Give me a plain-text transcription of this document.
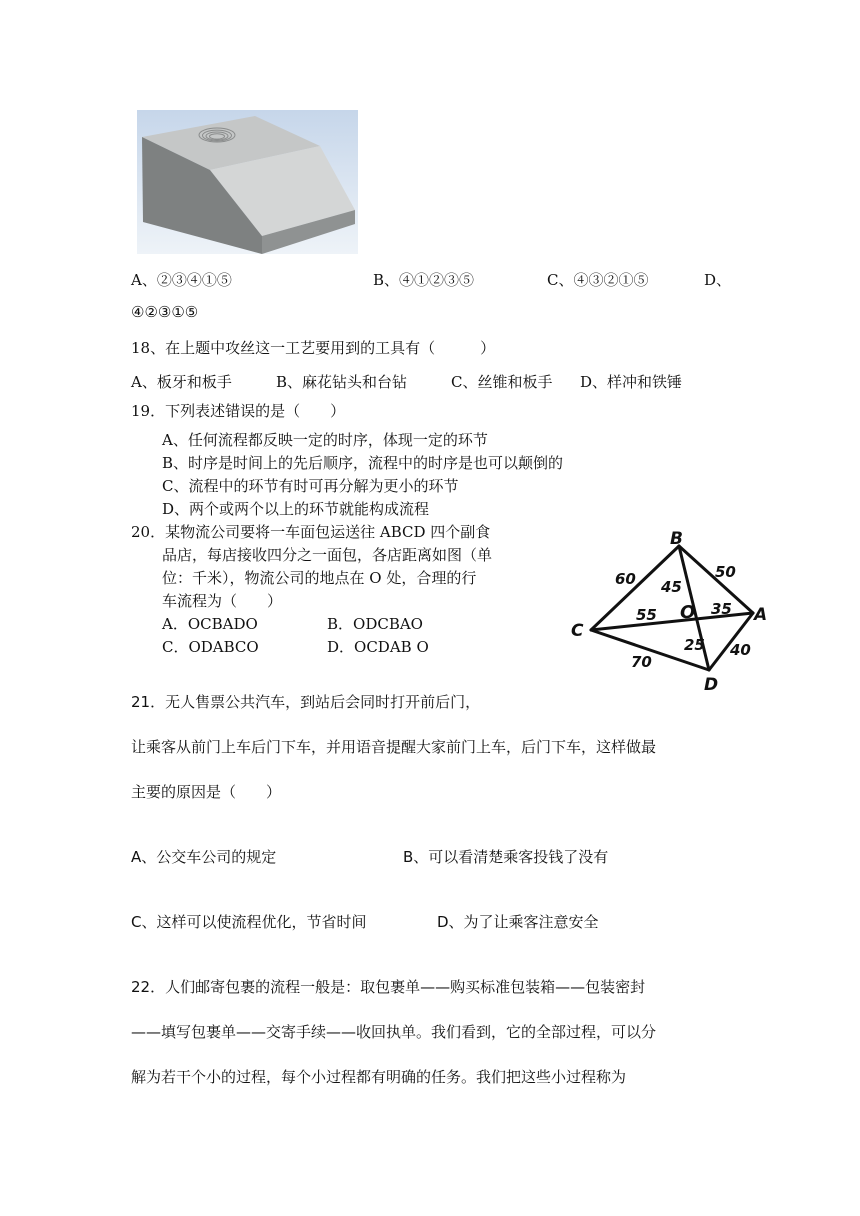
A、②③④①⑤	B、④①②③⑤	C、④③②①⑤	D、
④②③①⑤
18、在上题中攻丝这一工艺要用到的工具有（　　　）
A、板牙和板手	B、麻花钻头和台钻	C、丝锥和板手 D、样冲和铁锤
19．下列表述错误的是（　　）
A、任何流程都反映一定的时序，体现一定的环节
B、时序是时间上的先后顺序，流程中的时序是也可以颠倒的
C、流程中的环节有时可再分解为更小的环节
D、两个或两个以上的环节就能构成流程
20．某物流公司要将一车面包运送往 ABCD 四个副食
品店，每店接收四分之一面包，各店距离如图（单
位：千米），物流公司的地点在 O 处，合理的行
车流程为（　　）
A．OCBADO	B．ODCBAO
C．ODABCO	D．OCDAB O
B
A
C
D
O
60	50
45
55	35
25 40
70
21．无人售票公共汽车，到站后会同时打开前后门，
让乘客从前门上车后门下车，并用语音提醒大家前门上车，后门下车，这样做最
主要的原因是（　　）
A、公交车公司的规定	B、可以看清楚乘客投钱了没有
C、这样可以使流程优化，节省时间	D、为了让乘客注意安全
22．人们邮寄包裹的流程一般是：取包裹单——购买标准包装箱——包装密封
——填写包裹单——交寄手续——收回执单。我们看到，它的全部过程，可以分
解为若干个小的过程，每个小过程都有明确的任务。我们把这些小过程称为
